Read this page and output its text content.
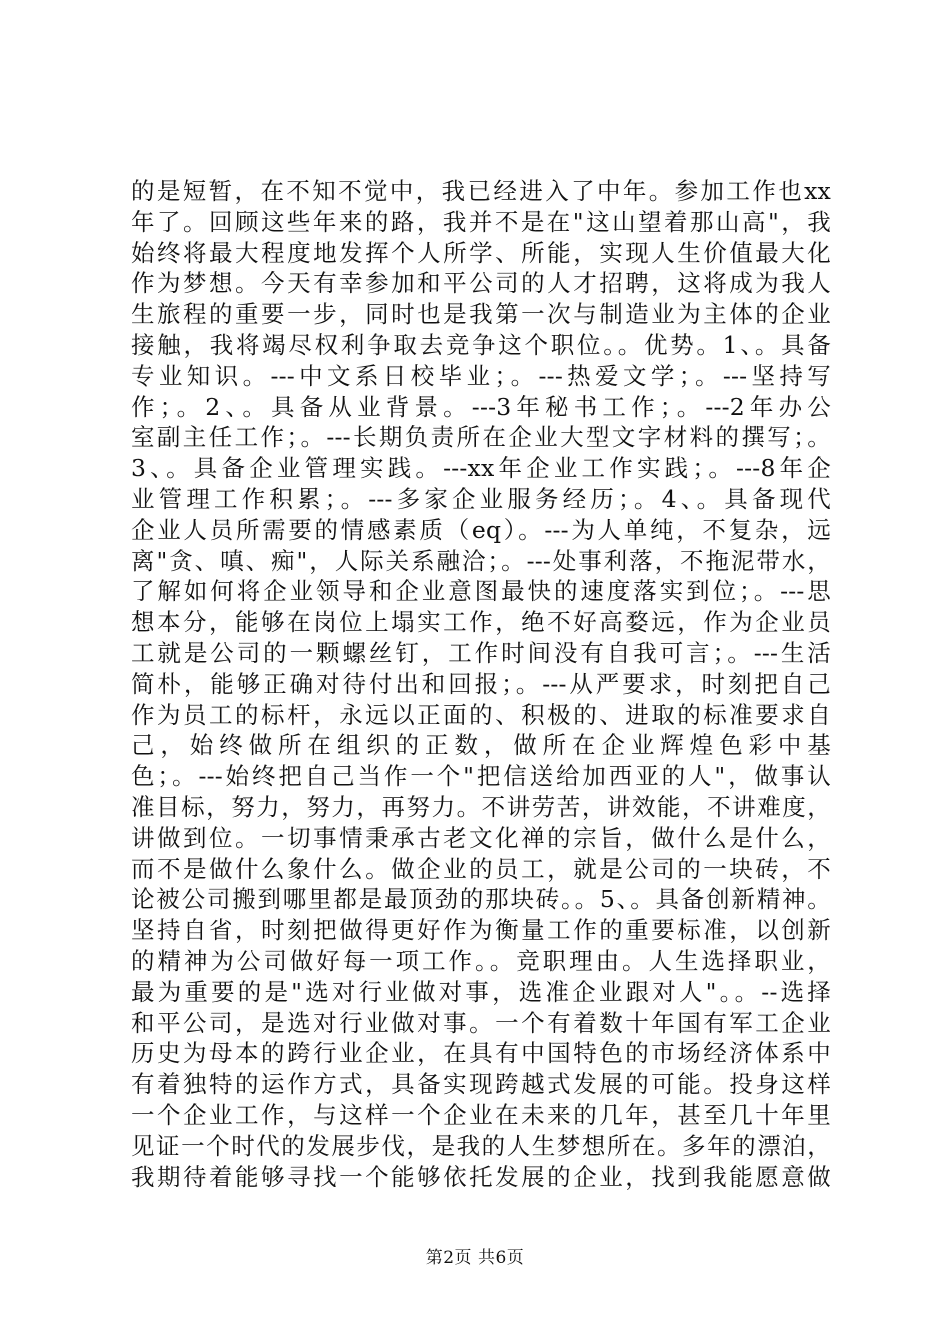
的是短暂，在不知不觉中，我已经进入了中年。参加工作也xx
年了。回顾这些年来的路，我并不是在"这山望着那山高"，我
始终将最大程度地发挥个人所学、所能，实现人生价值最大化
作为梦想。今天有幸参加和平公司的人才招聘，这将成为我人
生旅程的重要一步，同时也是我第一次与制造业为主体的企业
接触，我将竭尽权利争取去竞争这个职位。。优势。1、。具备
专业知识。---中文系日校毕业；。---热爱文学；。---坚持写
作；。2、。具备从业背景。---3年秘书工作；。---2年办公
室副主任工作；。---长期负责所在企业大型文字材料的撰写；。
3、。具备企业管理实践。---xx年企业工作实践；。---8年企
业管理工作积累；。---多家企业服务经历；。4、。具备现代
企业人员所需要的情感素质（eq）。---为人单纯，不复杂，远
离"贪、嗔、痴"，人际关系融洽；。---处事利落，不拖泥带水，
了解如何将企业领导和企业意图最快的速度落实到位；。---思
想本分，能够在岗位上塌实工作，绝不好高婺远，作为企业员
工就是公司的一颗螺丝钉，工作时间没有自我可言；。---生活
简朴，能够正确对待付出和回报；。---从严要求，时刻把自己
作为员工的标杆，永远以正面的、积极的、进取的标准要求自
己，始终做所在组织的正数，做所在企业辉煌色彩中基
色；。---始终把自己当作一个"把信送给加西亚的人"，做事认
准目标，努力，努力，再努力。不讲劳苦，讲效能，不讲难度，
讲做到位。一切事情秉承古老文化禅的宗旨，做什么是什么，
而不是做什么象什么。做企业的员工，就是公司的一块砖，不
论被公司搬到哪里都是最顶劲的那块砖。。5、。具备创新精神。
坚持自省，时刻把做得更好作为衡量工作的重要标准，以创新
的精神为公司做好每一项工作。。竞职理由。人生选择职业，
最为重要的是"选对行业做对事，选准企业跟对人"。。--选择
和平公司，是选对行业做对事。一个有着数十年国有军工企业
历史为母本的跨行业企业，在具有中国特色的市场经济体系中
有着独特的运作方式，具备实现跨越式发展的可能。投身这样
一个企业工作，与这样一个企业在未来的几年，甚至几十年里
见证一个时代的发展步伐，是我的人生梦想所在。多年的漂泊，
我期待着能够寻找一个能够依托发展的企业，找到我能愿意做
第2页 共6页
